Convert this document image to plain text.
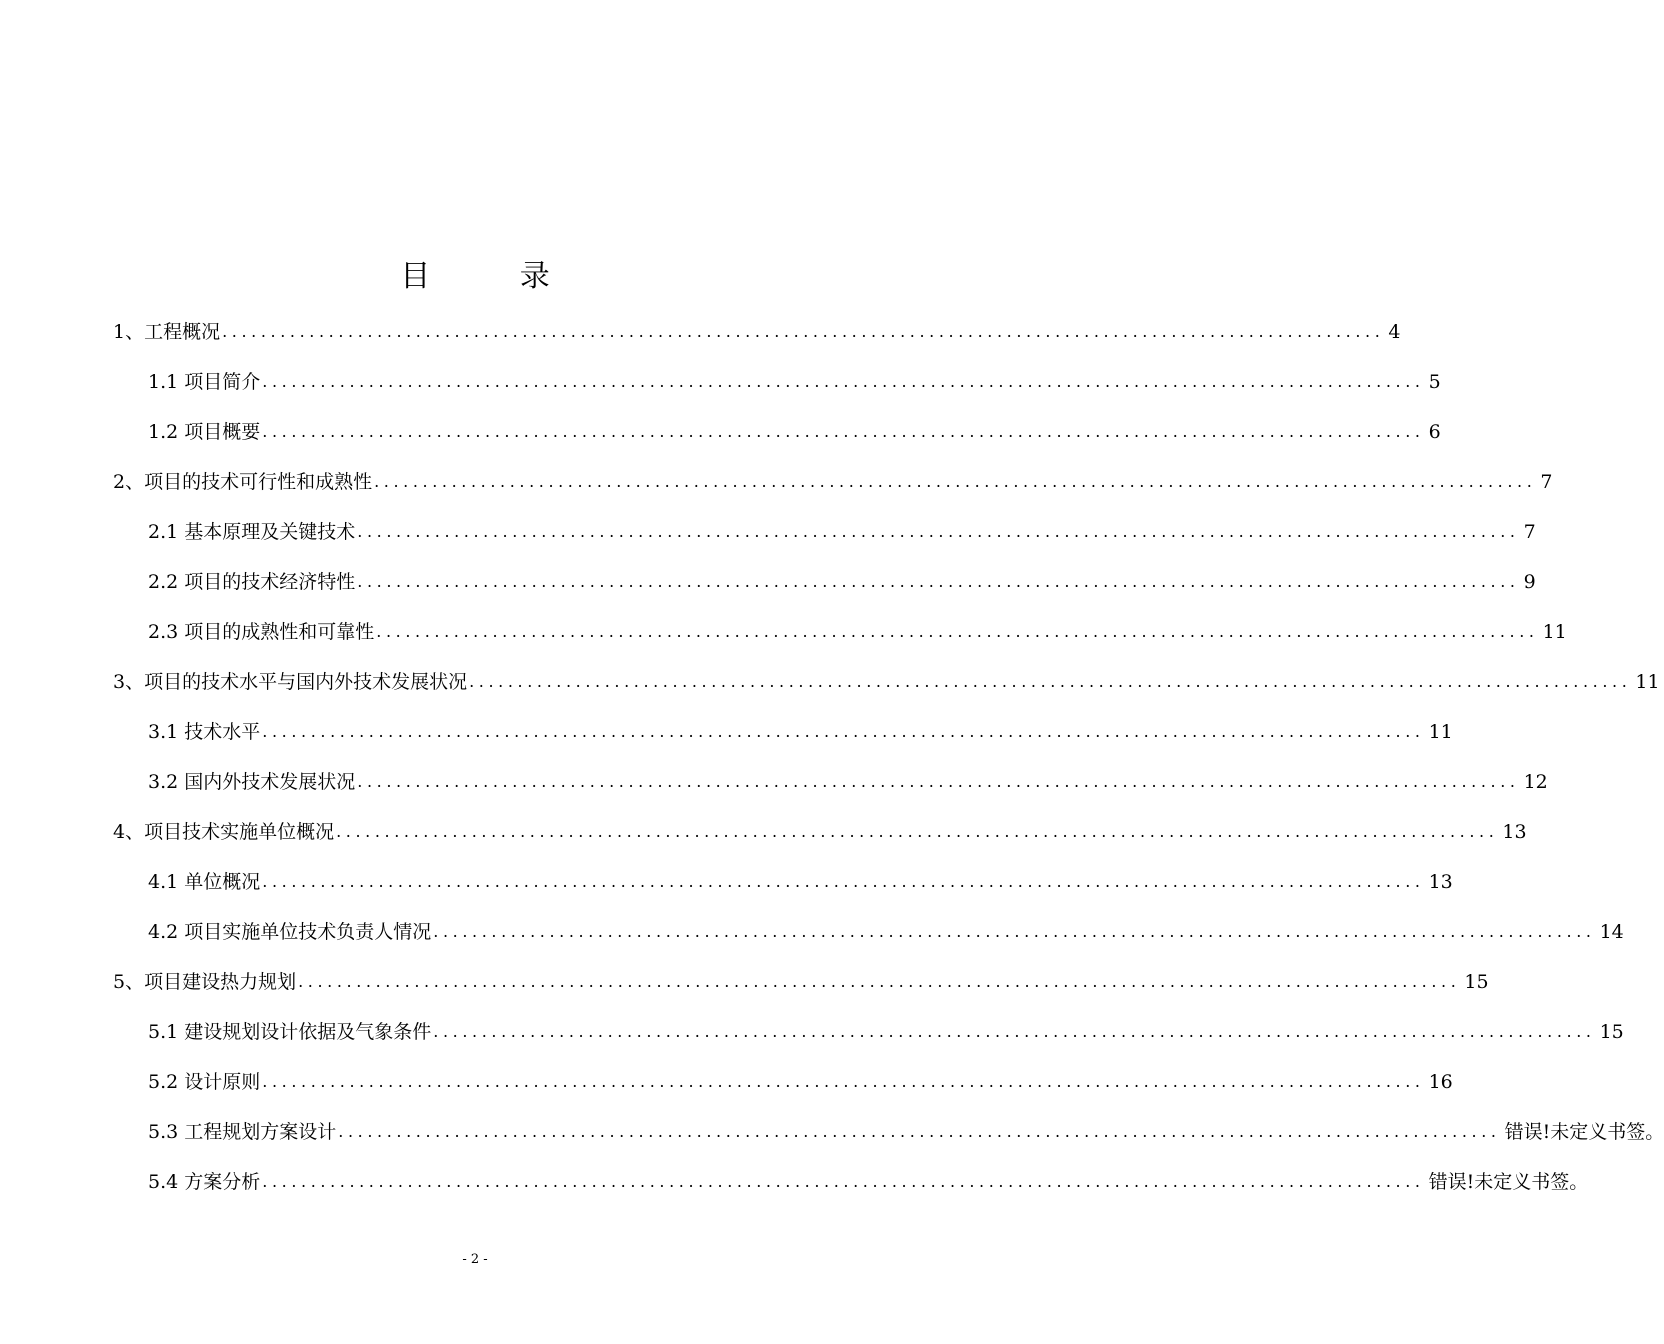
目 录
1、工程概况 ........................................................................................................................ 4
1.1 项目简介 ........................................................................................................................ 5
1.2 项目概要 ........................................................................................................................ 6
2、项目的技术可行性和成熟性 ........................................................................................................................ 7
2.1 基本原理及关键技术 ........................................................................................................................ 7
2.2 项目的技术经济特性 ........................................................................................................................ 9
2.3 项目的成熟性和可靠性 ........................................................................................................................ 11
3、项目的技术水平与国内外技术发展状况 ........................................................................................................................ 11
3.1 技术水平 ........................................................................................................................ 11
3.2 国内外技术发展状况 ........................................................................................................................ 12
4、项目技术实施单位概况 ........................................................................................................................ 13
4.1 单位概况 ........................................................................................................................ 13
4.2 项目实施单位技术负责人情况 ........................................................................................................................ 14
5、项目建设热力规划 ........................................................................................................................ 15
5.1 建设规划设计依据及气象条件 ........................................................................................................................ 15
5.2 设计原则 ........................................................................................................................ 16
5.3 工程规划方案设计 ........................................................................................................................ 错误!未定义书签。
5.4 方案分析 ........................................................................................................................ 错误!未定义书签。
- 2 -
